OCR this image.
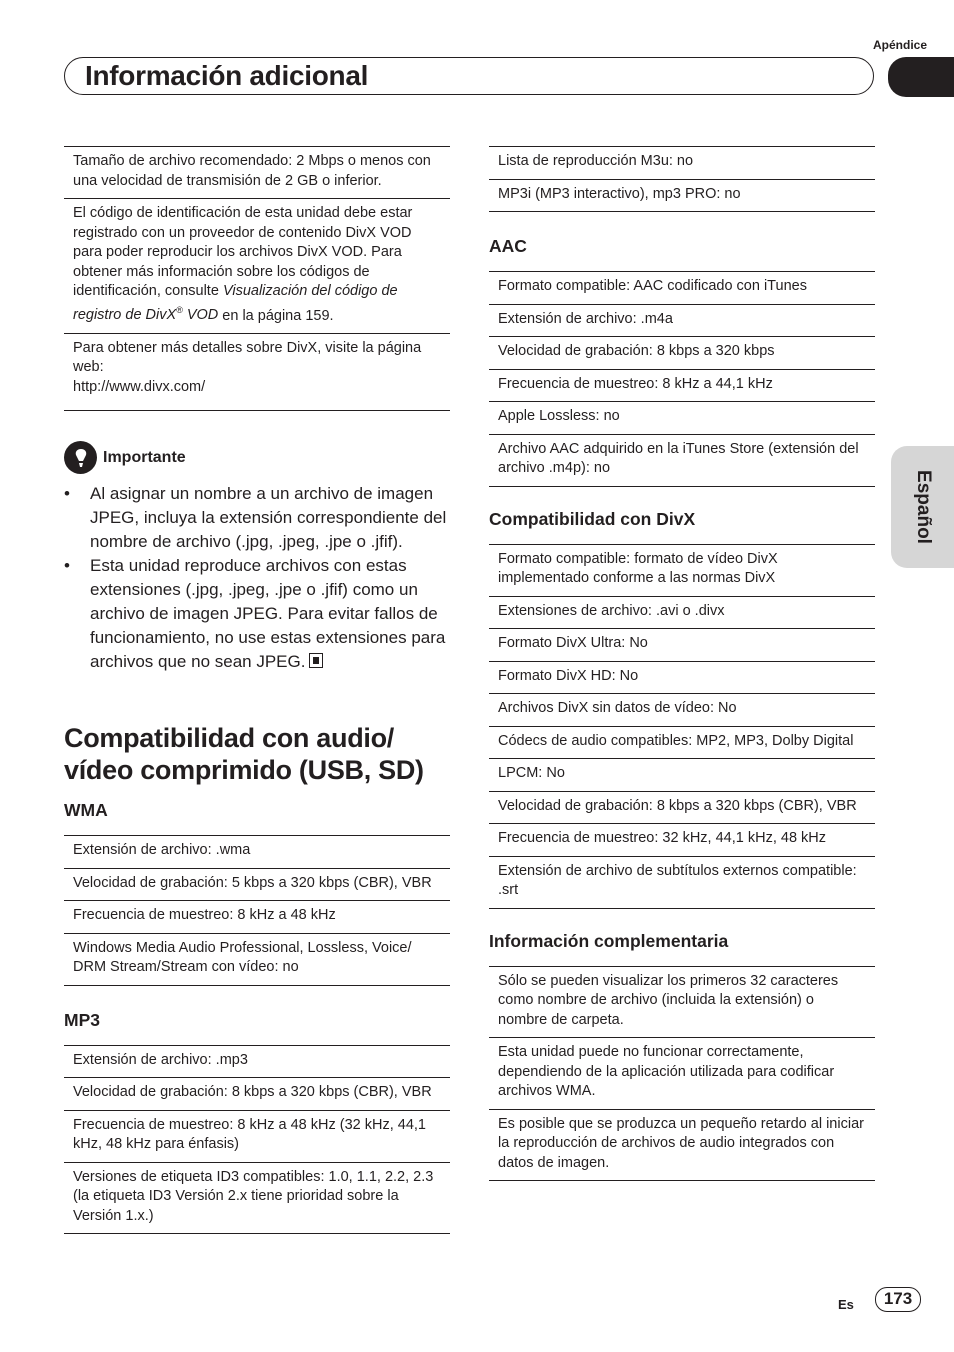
Apéndice
Información adicional
Español
Tamaño de archivo recomendado: 2 Mbps o menos con una velocidad de transmisión de 2 GB o inferior.
El código de identificación de esta unidad debe estar registrado con un proveedor de contenido DivX VOD para poder reproducir los archivos DivX VOD. Para obtener más información sobre los códigos de identificación, consulte Visualización del código de registro de DivX® VOD en la página 159.

Para obtener más detalles sobre DivX, visite la página web:
http://www.divx.com/
Importante
• Al asignar un nombre a un archivo de imagen JPEG, incluya la extensión correspondiente del nombre de archivo (.jpg, .jpeg, .jpe o .jfif).
• Esta unidad reproduce archivos con estas extensiones (.jpg, .jpeg, .jpe o .jfif) como un archivo de imagen JPEG. Para evitar fallos de funcionamiento, no use estas extensiones para archivos que no sean JPEG.
Compatibilidad con audio/ vídeo comprimido (USB, SD)
WMA
Extensión de archivo: .wma
Velocidad de grabación: 5 kbps a 320 kbps (CBR), VBR
Frecuencia de muestreo: 8 kHz a 48 kHz
Windows Media Audio Professional, Lossless, Voice/ DRM Stream/Stream con vídeo: no
MP3
Extensión de archivo: .mp3
Velocidad de grabación: 8 kbps a 320 kbps (CBR), VBR
Frecuencia de muestreo: 8 kHz a 48 kHz (32 kHz, 44,1 kHz, 48 kHz para énfasis)
Versiones de etiqueta ID3 compatibles: 1.0, 1.1, 2.2, 2.3 (la etiqueta ID3 Versión 2.x tiene prioridad sobre la Versión 1.x.)
Lista de reproducción M3u: no
MP3i (MP3 interactivo), mp3 PRO: no
AAC
Formato compatible: AAC codificado con iTunes
Extensión de archivo: .m4a
Velocidad de grabación: 8 kbps a 320 kbps
Frecuencia de muestreo: 8 kHz a 44,1 kHz
Apple Lossless: no
Archivo AAC adquirido en la iTunes Store (extensión del archivo .m4p): no
Compatibilidad con DivX
Formato compatible: formato de vídeo DivX implementado conforme a las normas DivX
Extensiones de archivo: .avi o .divx
Formato DivX Ultra: No
Formato DivX HD: No
Archivos DivX sin datos de vídeo: No
Códecs de audio compatibles: MP2, MP3, Dolby Digital
LPCM: No
Velocidad de grabación: 8 kbps a 320 kbps (CBR), VBR
Frecuencia de muestreo: 32 kHz, 44,1 kHz, 48 kHz
Extensión de archivo de subtítulos externos compatible: .srt
Información complementaria
Sólo se pueden visualizar los primeros 32 caracteres como nombre de archivo (incluida la extensión) o nombre de carpeta.
Esta unidad puede no funcionar correctamente, dependiendo de la aplicación utilizada para codificar archivos WMA.
Es posible que se produzca un pequeño retardo al iniciar la reproducción de archivos de audio integrados con datos de imagen.
Es	173
